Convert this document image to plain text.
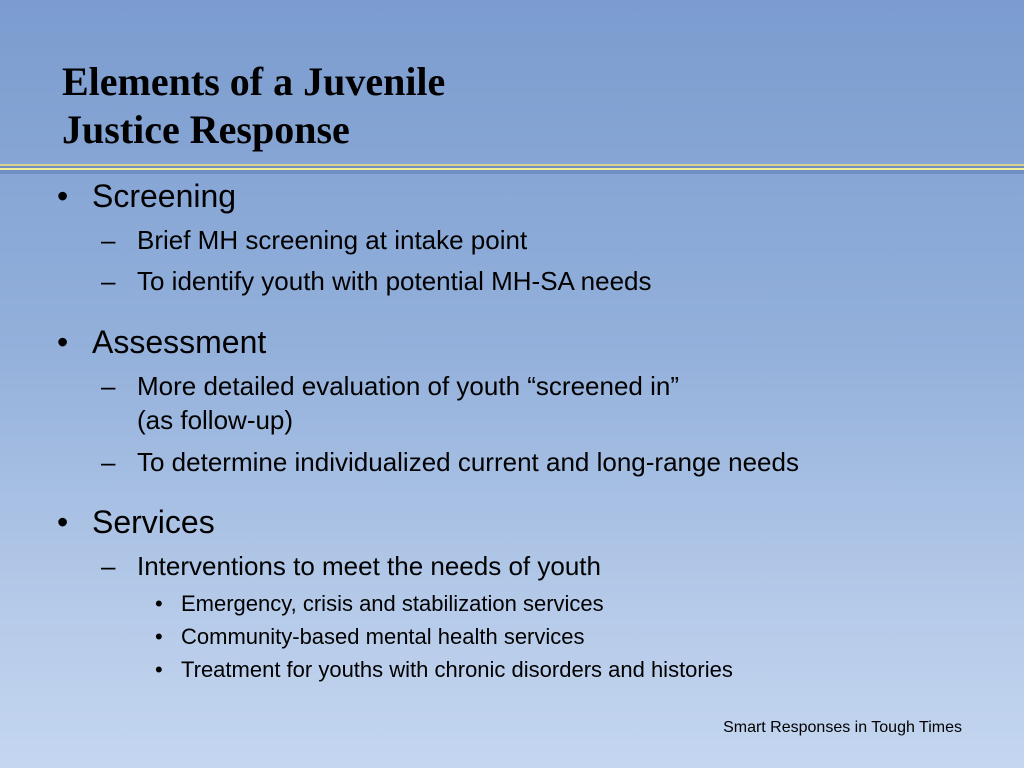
Elements of a Juvenile
Justice Response
• Screening
– Brief MH screening at intake point
– To identify youth with potential MH-SA needs
• Assessment
– More detailed evaluation of youth “screened in”
(as follow-up)
– To determine individualized current and long-range needs
• Services
– Interventions to meet the needs of youth
• Emergency, crisis and stabilization services
• Community-based mental health services
• Treatment for youths with chronic disorders and histories
Smart Responses in Tough Times
